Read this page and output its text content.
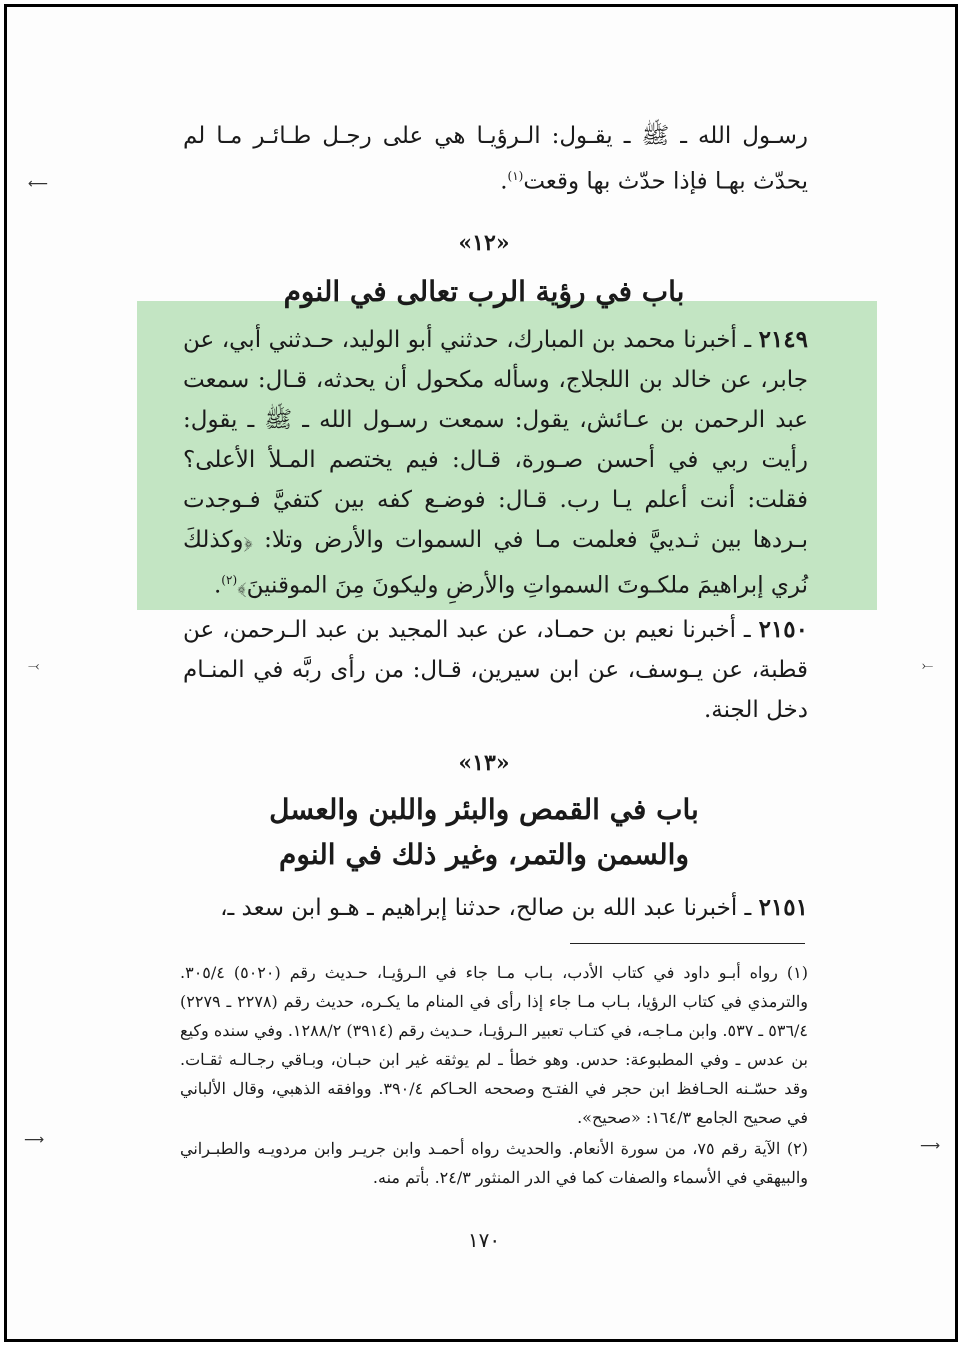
رسـول الله ـ ﷺ ـ يقـول: الـرؤيـا هي على رجـل طـائـر مـا لم يحدّث بهـا فإذا حدّث بها وقعت$^{(١)}$.

«١٢»
باب في رؤية الرب تعالى في النوم

٢١٤٩ ـ أخبرنا محمد بن المبارك، حدثني أبو الوليد، حـدثني أبي، عن جابر، عن خالد بن اللجلاج، وسأله مكحول أن يحدثه، قـال: سمعت عبد الرحمن بن عـائش، يقول: سمعت رسـول الله ـ ﷺ ـ يقول: رأيت ربي في أحسن صـورة، قـال: فيم يختصم المـلأ الأعلى؟ فقلت: أنت أعلم يـا رب. قـال: فوضـع كفه بين كتفيَّ فـوجدت بـردها بين ثـدييَّ فعلمت مـا في السموات والأرض وتلا: ﴿وكذلكَ نُري إبراهيمَ ملكـوتَ السمواتِ والأرضِ وليكونَ مِنَ الموقنينَ﴾$^{(٢)}$.

٢١٥٠ ـ أخبرنا نعيم بن حمـاد، عن عبد المجيد بن عبد الـرحمن، عن قطبة، عن يـوسف، عن ابن سيرين، قـال: من رأى ربَّه في المنـام دخل الجنة.

«١٣»
باب في القمص والبئر واللبن والعسل
والسمن والتمر، وغير ذلك في النوم

٢١٥١ ـ أخبرنا عبد الله بن صالح، حدثنا إبراهيم ـ هـو ابن سعد ـ،

(١) رواه أبـو داود في كتاب الأدب، بـاب مـا جاء في الـرؤيـا، حـديث رقم (٥٠٢٠) ٣٠٥/٤. والترمذي في كتاب الرؤيا، بـاب مـا جاء إذا رأى في المنام ما يكـره، حديث رقم (٢٢٧٨ ـ ٢٢٧٩) ٥٣٦/٤ ـ ٥٣٧. وابن مـاجـه، في كتـاب تعبير الـرؤيـا، حـديث رقم (٣٩١٤) ١٢٨٨/٢. وفي سنده وكيع بن عدس ـ وفي المطبوعة: حدس. وهو خطأ ـ لم يوثقه غير ابن حبـان، وبـاقي رجـالـه ثقـات. وقد حسّـنه الحـافظ ابن حجر في الفتـح وصححه الحـاكم ٣٩٠/٤. ووافقه الذهبي، وقال الألباني في صحيح الجامع ١٦٤/٣: «صحيح».

(٢) الآية رقم ٧٥، من سورة الأنعام. والحديث رواه أحمـد وابن جريـر وابن مردويـه والطبـراني والبيهقي في الأسماء والصفات كما في الدر المنثور ٢٤/٣. بأتم منه.

١٧٠
⟵
⤙
⟶
⤚
⟶
